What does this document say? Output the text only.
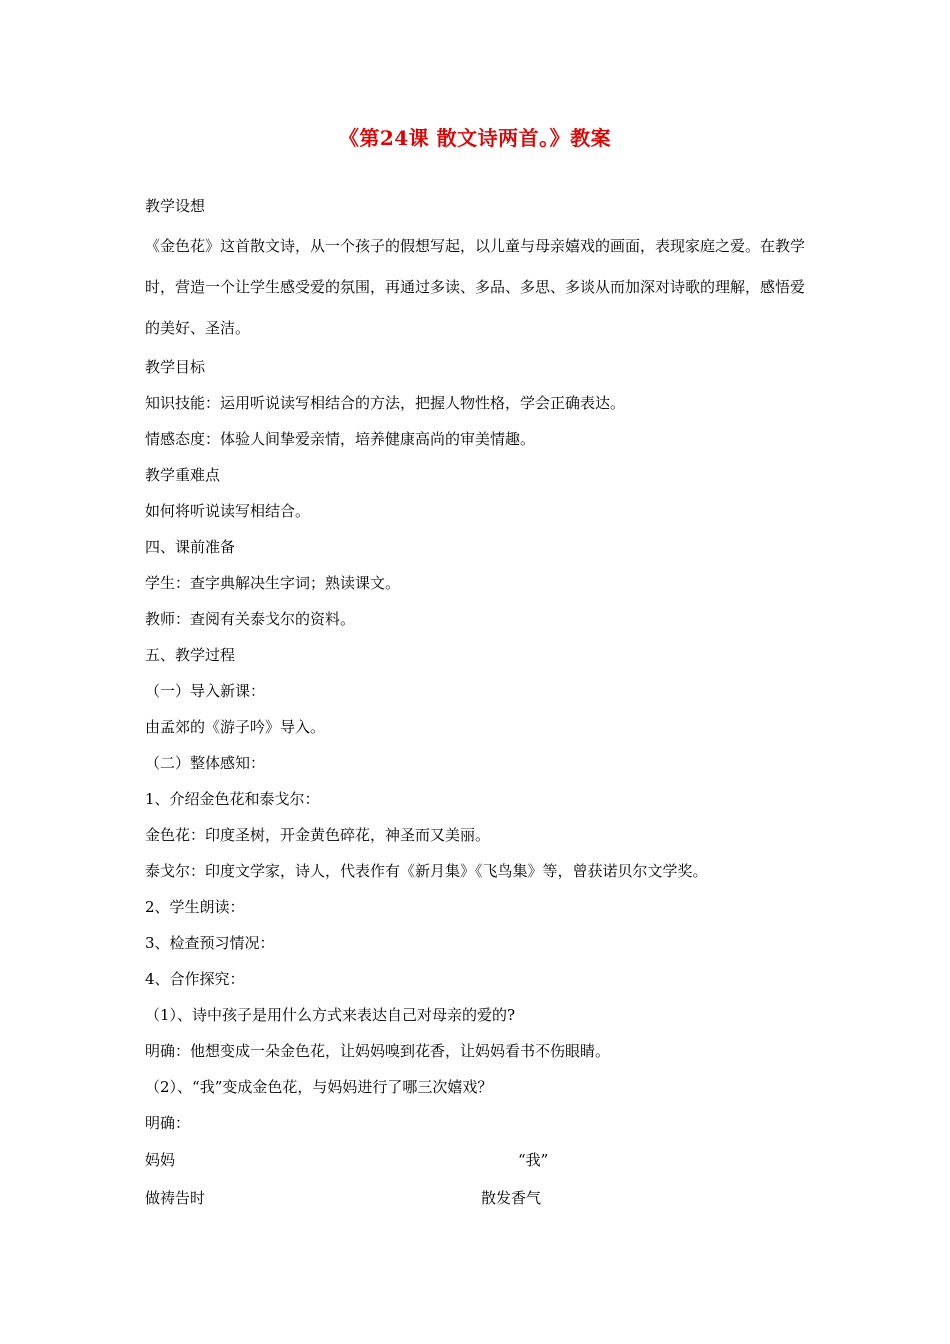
《第24课 散文诗两首。》教案
教学设想
《金色花》这首散文诗，从一个孩子的假想写起，以儿童与母亲嬉戏的画面，表现家庭之爱。在教学时，营造一个让学生感受爱的氛围，再通过多读、多品、多思、多谈从而加深对诗歌的理解，感悟爱的美好、圣洁。
教学目标
知识技能：运用听说读写相结合的方法，把握人物性格，学会正确表达。
情感态度：体验人间挚爱亲情，培养健康高尚的审美情趣。
教学重难点
如何将听说读写相结合。
四、课前准备
学生：查字典解决生字词；熟读课文。
教师：查阅有关泰戈尔的资料。
五、教学过程
（一）导入新课：
由孟郊的《游子吟》导入。
（二）整体感知：
1、介绍金色花和泰戈尔：
金色花：印度圣树，开金黄色碎花，神圣而又美丽。
泰戈尔：印度文学家，诗人，代表作有《新月集》《飞鸟集》等，曾获诺贝尔文学奖。
2、学生朗读：
3、检查预习情况：
4、合作探究：
（1）、诗中孩子是用什么方式来表达自己对母亲的爱的?
明确：他想变成一朵金色花，让妈妈嗅到花香，让妈妈看书不伤眼睛。
（2）、“我”变成金色花，与妈妈进行了哪三次嬉戏？
明确：
妈妈	“我”
做祷告时	散发香气
